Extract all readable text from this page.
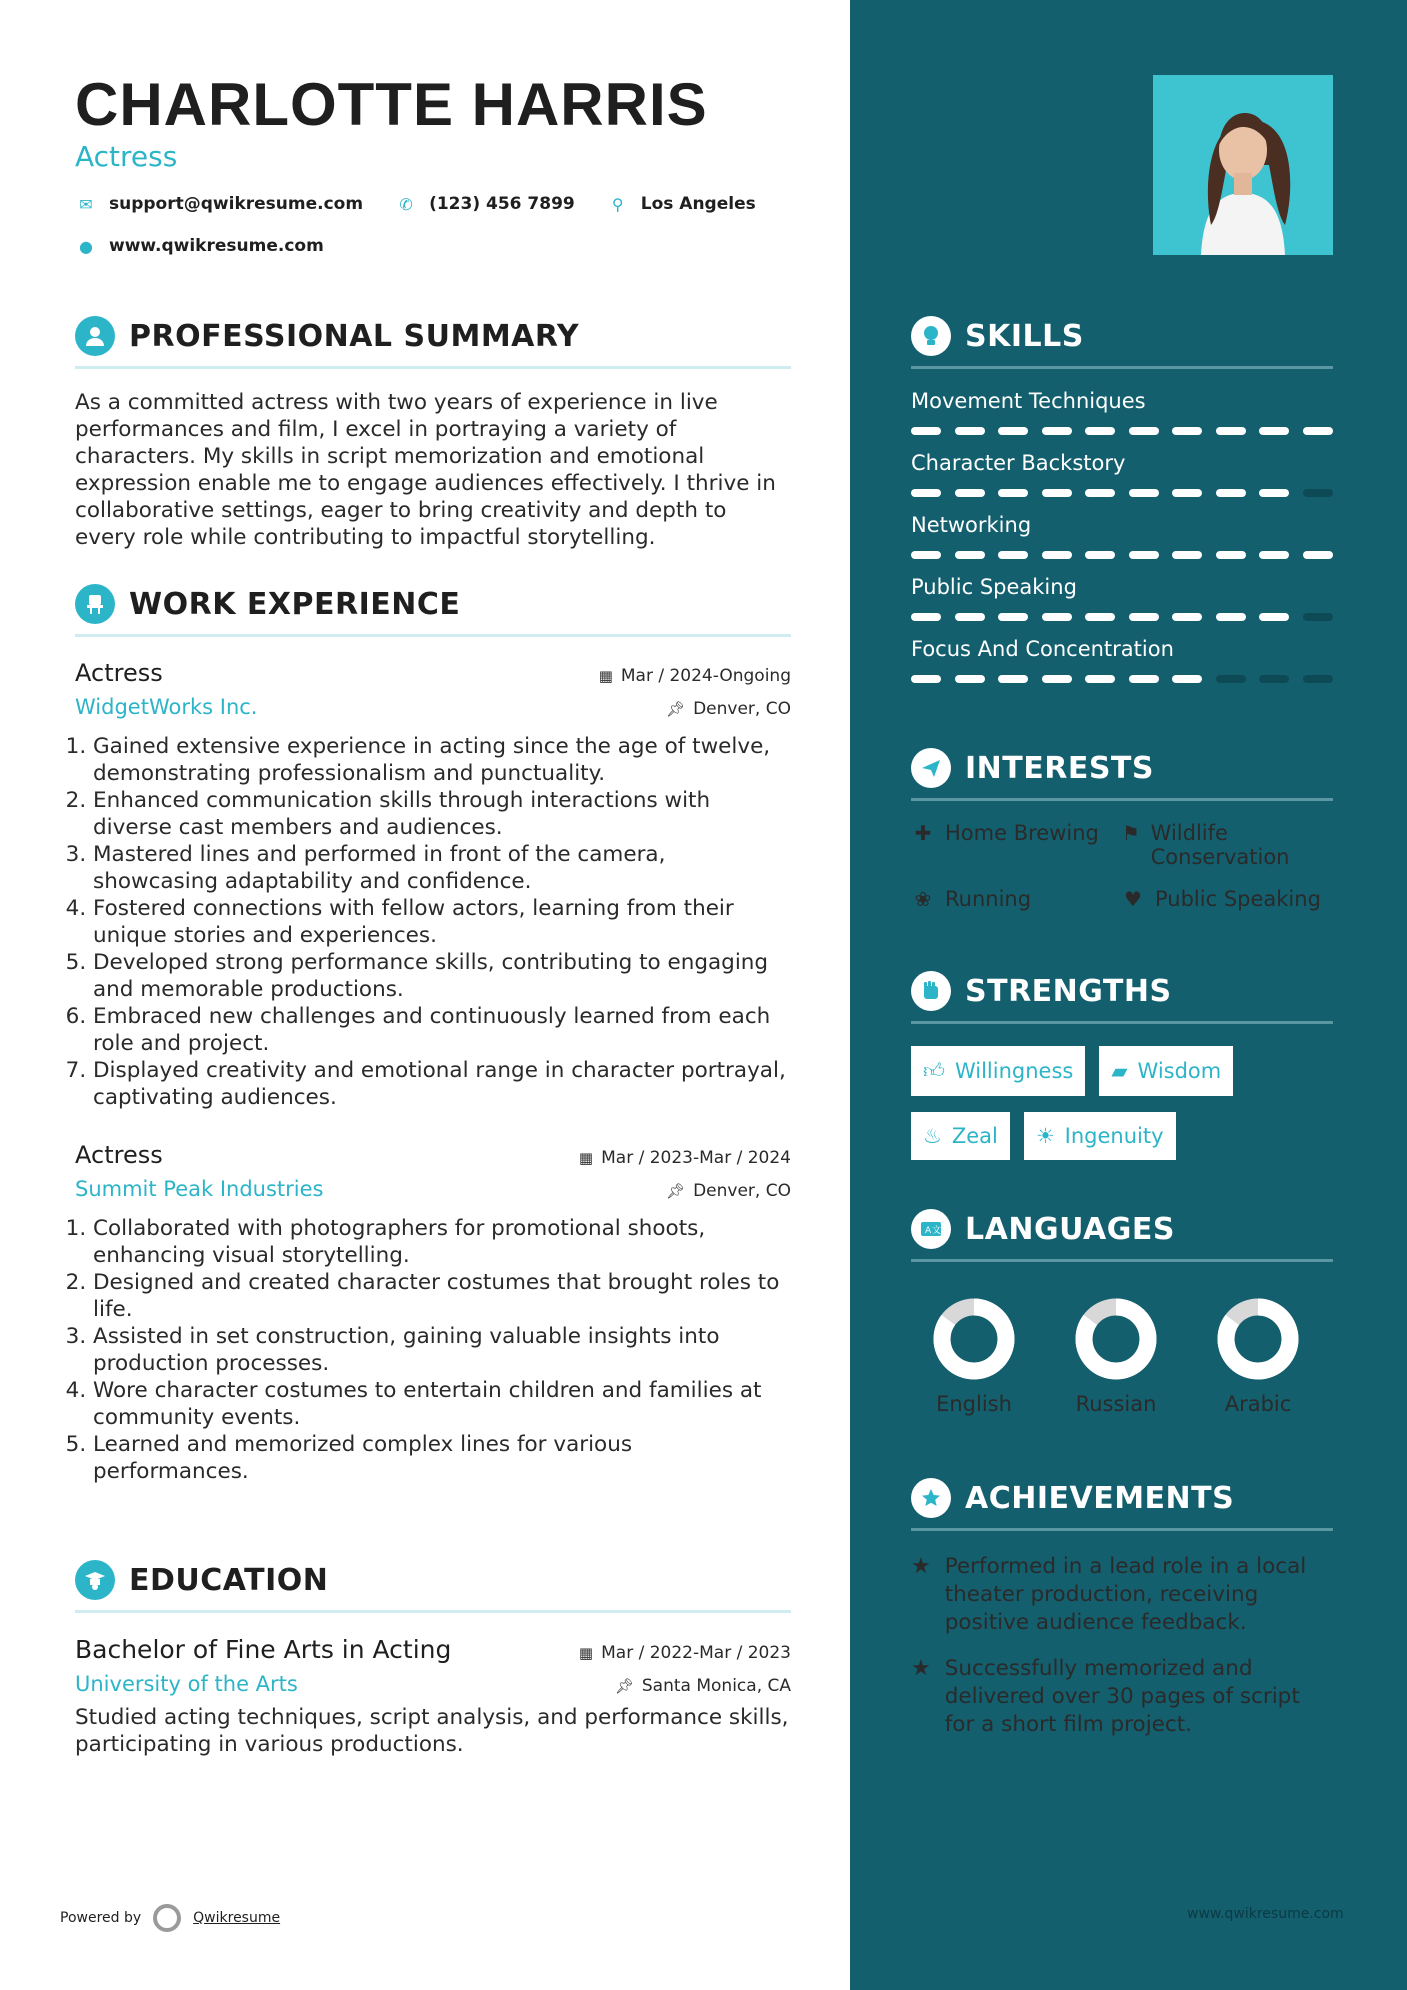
CHARLOTTE HARRIS
Actress
✉ support@qwikresume.com ✆ (123) 456 7899	⚲	Los Angeles
● www.qwikresume.com
PROFESSIONAL SUMMARY
As a committed actress with two years of experience in live performances and film, I excel in portraying a variety of characters. My skills in script memorization and emotional expression enable me to engage audiences effectively. I thrive in collaborative settings, eager to bring creativity and depth to every role while contributing to impactful storytelling.
WORK EXPERIENCE
Actress	▦ Mar / 2024-Ongoing
WidgetWorks Inc.	📌︎ Denver, CO
1. Gained extensive experience in acting since the age of twelve, demonstrating professionalism and punctuality.
2. Enhanced communication skills through interactions with diverse cast members and audiences.
3. Mastered lines and performed in front of the camera, showcasing adaptability and confidence.
4. Fostered connections with fellow actors, learning from their unique stories and experiences.
5. Developed strong performance skills, contributing to engaging and memorable productions.
6. Embraced new challenges and continuously learned from each role and project.
7. Displayed creativity and emotional range in character portrayal, captivating audiences.
Actress	▦ Mar / 2023-Mar / 2024
Summit Peak Industries	📌︎ Denver, CO
1. Collaborated with photographers for promotional shoots, enhancing visual storytelling.
2. Designed and created character costumes that brought roles to life.
3. Assisted in set construction, gaining valuable insights into production processes.
4. Wore character costumes to entertain children and families at community events.
5. Learned and memorized complex lines for various performances.
EDUCATION
Bachelor of Fine Arts in Acting	▦ Mar / 2022-Mar / 2023
University of the Arts	📌︎ Santa Monica, CA
Studied acting techniques, script analysis, and performance skills, participating in various productions.
SKILLS
Movement Techniques
Character Backstory
Networking
Public Speaking
Focus And Concentration
INTERESTS
✚ Home Brewing ⚑ Wildlife Conservation
❀ Running	♥ Public Speaking
STRENGTHS
👍︎ Willingness ▰ Wisdom
♨ Zeal ☀ Ingenuity
A 文 LANGUAGES
English	Russian	Arabic
ACHIEVEMENTS
★ Performed in a lead role in a local theater production, receiving positive audience feedback.
★ Successfully memorized and delivered over 30 pages of script for a short film project.
Powered by	Qwikresume	www.qwikresume.com
